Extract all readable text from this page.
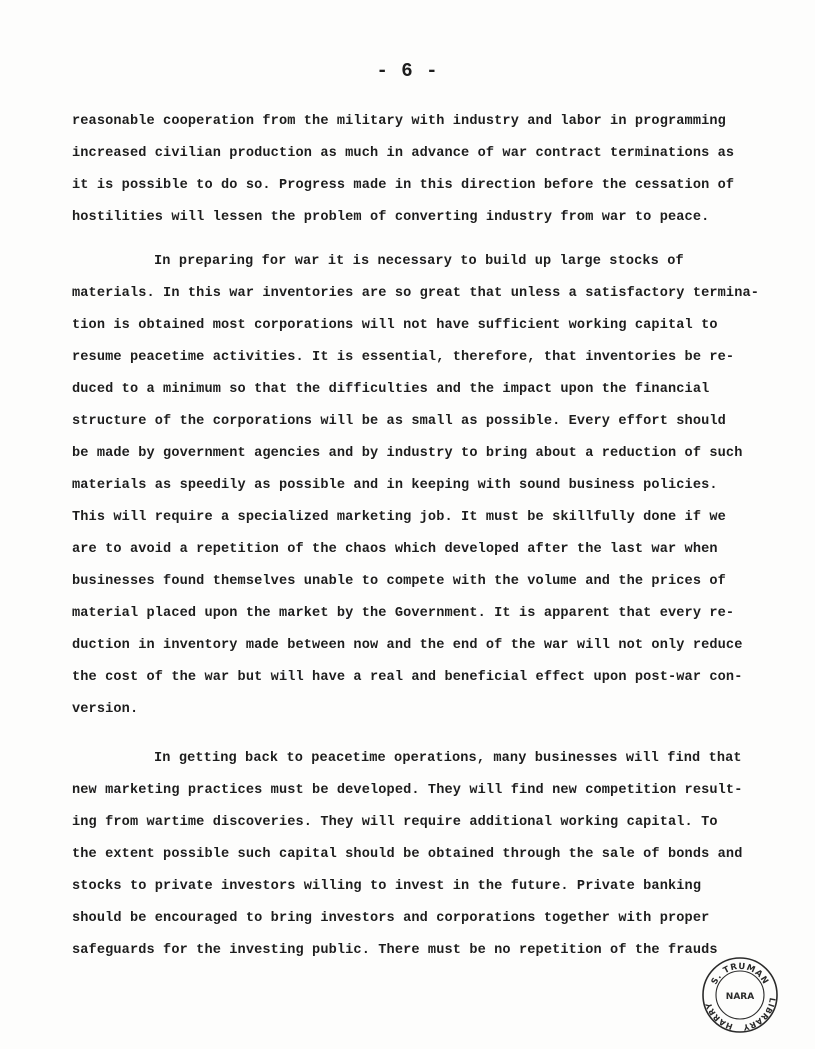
- 6 -
reasonable cooperation from the military with industry and labor in programming
increased civilian production as much in advance of war contract terminations as
it is possible to do so. Progress made in this direction before the cessation of
hostilities will lessen the problem of converting industry from war to peace.
In preparing for war it is necessary to build up large stocks of
materials. In this war inventories are so great that unless a satisfactory termina-
tion is obtained most corporations will not have sufficient working capital to
resume peacetime activities. It is essential, therefore, that inventories be re-
duced to a minimum so that the difficulties and the impact upon the financial
structure of the corporations will be as small as possible. Every effort should
be made by government agencies and by industry to bring about a reduction of such
materials as speedily as possible and in keeping with sound business policies.
This will require a specialized marketing job. It must be skillfully done if we
are to avoid a repetition of the chaos which developed after the last war when
businesses found themselves unable to compete with the volume and the prices of
material placed upon the market by the Government. It is apparent that every re-
duction in inventory made between now and the end of the war will not only reduce
the cost of the war but will have a real and beneficial effect upon post-war con-
version.
In getting back to peacetime operations, many businesses will find that
new marketing practices must be developed. They will find new competition result-
ing from wartime discoveries. They will require additional working capital. To
the extent possible such capital should be obtained through the sale of bonds and
stocks to private investors willing to invest in the future. Private banking
should be encouraged to bring investors and corporations together with proper
safeguards for the investing public. There must be no repetition of the frauds
S. TRUMAN
HARRY
LIBRARY
NARA
